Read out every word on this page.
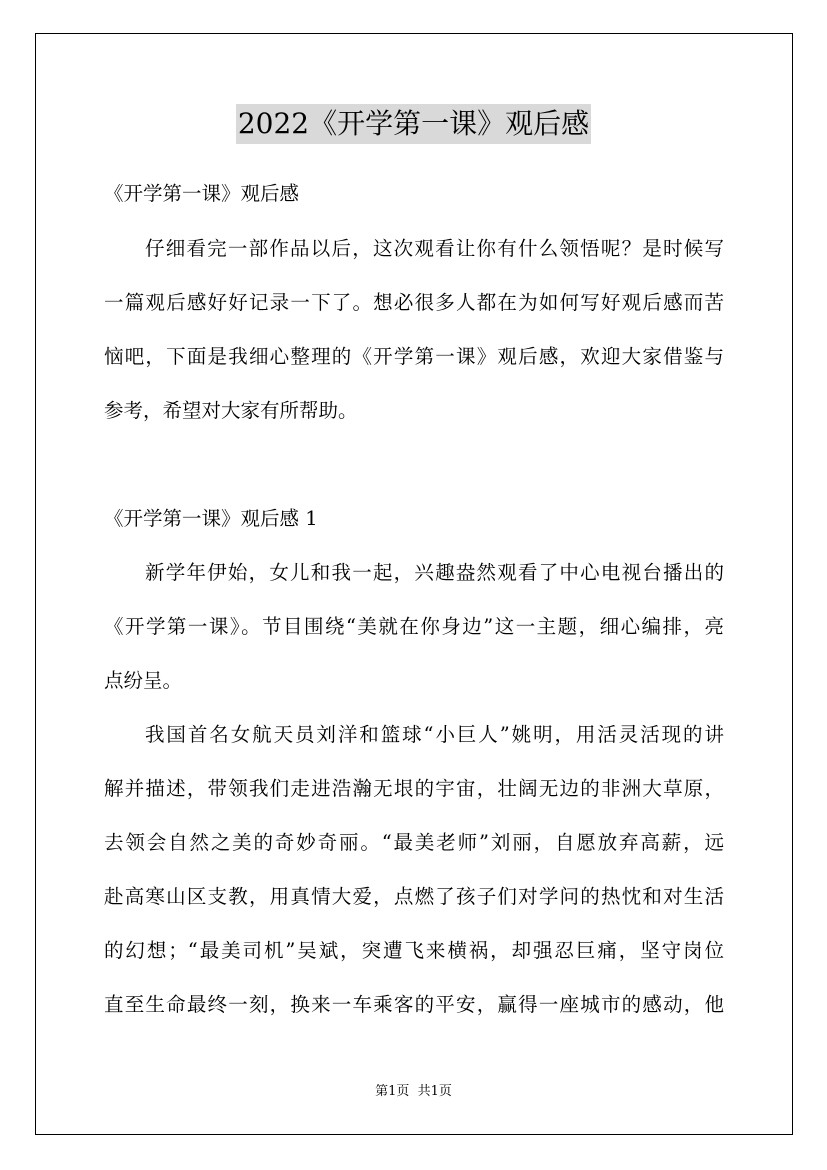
2022《开学第一课》观后感
《开学第一课》观后感
仔细看完一部作品以后，这次观看让你有什么领悟呢？是时候写
一篇观后感好好记录一下了。想必很多人都在为如何写好观后感而苦
恼吧，下面是我细心整理的《开学第一课》观后感，欢迎大家借鉴与
参考，希望对大家有所帮助。
《开学第一课》观后感 1
新学年伊始，女儿和我一起，兴趣盎然观看了中心电视台播出的
《开学第一课》。节目围绕“美就在你身边”这一主题，细心编排，亮
点纷呈。
我国首名女航天员刘洋和篮球“小巨人”姚明，用活灵活现的讲
解并描述，带领我们走进浩瀚无垠的宇宙，壮阔无边的非洲大草原，
去领会自然之美的奇妙奇丽。“最美老师”刘丽，自愿放弃高薪，远
赴高寒山区支教，用真情大爱，点燃了孩子们对学问的热忱和对生活
的幻想；“最美司机”吴斌，突遭飞来横祸，却强忍巨痛，坚守岗位
直至生命最终一刻，换来一车乘客的平安，赢得一座城市的感动，他
第1页  共1页
